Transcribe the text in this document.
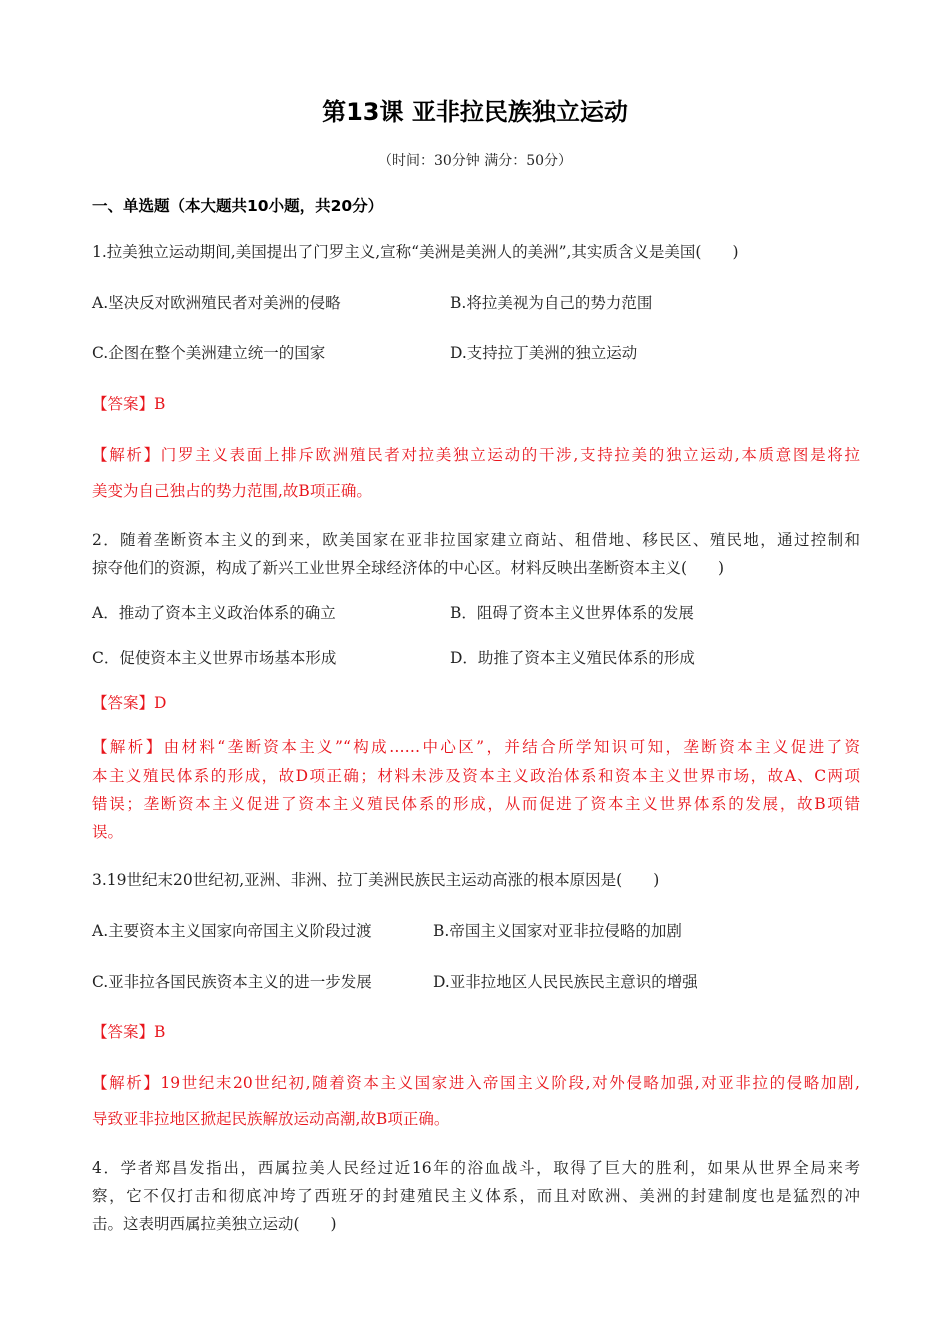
第13课 亚非拉民族独立运动
（时间：30分钟 满分：50分）
一、单选题（本大题共10小题，共20分）
1.拉美独立运动期间,美国提出了门罗主义,宣称“美洲是美洲人的美洲”,其实质含义是美国(　　)
A.坚决反对欧洲殖民者对美洲的侵略	B.将拉美视为自己的势力范围
C.企图在整个美洲建立统一的国家	D.支持拉丁美洲的独立运动
【答案】B
【解析】门罗主义表面上排斥欧洲殖民者对拉美独立运动的干涉,支持拉美的独立运动,本质意图是将拉
美变为自己独占的势力范围,故B项正确。
2．随着垄断资本主义的到来，欧美国家在亚非拉国家建立商站、租借地、移民区、殖民地，通过控制和
掠夺他们的资源，构成了新兴工业世界全球经济体的中心区。材料反映出垄断资本主义(　　)
A．推动了资本主义政治体系的确立	B．阻碍了资本主义世界体系的发展
C．促使资本主义世界市场基本形成	D．助推了资本主义殖民体系的形成
【答案】D
【解析】由材料“垄断资本主义”“构成……中心区”，并结合所学知识可知，垄断资本主义促进了资
本主义殖民体系的形成，故D项正确；材料未涉及资本主义政治体系和资本主义世界市场，故A、C两项
错误；垄断资本主义促进了资本主义殖民体系的形成，从而促进了资本主义世界体系的发展，故B项错
误。
3.19世纪末20世纪初,亚洲、非洲、拉丁美洲民族民主运动高涨的根本原因是(　　)
A.主要资本主义国家向帝国主义阶段过渡	B.帝国主义国家对亚非拉侵略的加剧
C.亚非拉各国民族资本主义的进一步发展	D.亚非拉地区人民民族民主意识的增强
【答案】B
【解析】19世纪末20世纪初,随着资本主义国家进入帝国主义阶段,对外侵略加强,对亚非拉的侵略加剧,
导致亚非拉地区掀起民族解放运动高潮,故B项正确。
4．学者郑昌发指出，西属拉美人民经过近16年的浴血战斗，取得了巨大的胜利，如果从世界全局来考
察，它不仅打击和彻底冲垮了西班牙的封建殖民主义体系，而且对欧洲、美洲的封建制度也是猛烈的冲
击。这表明西属拉美独立运动(　　)
